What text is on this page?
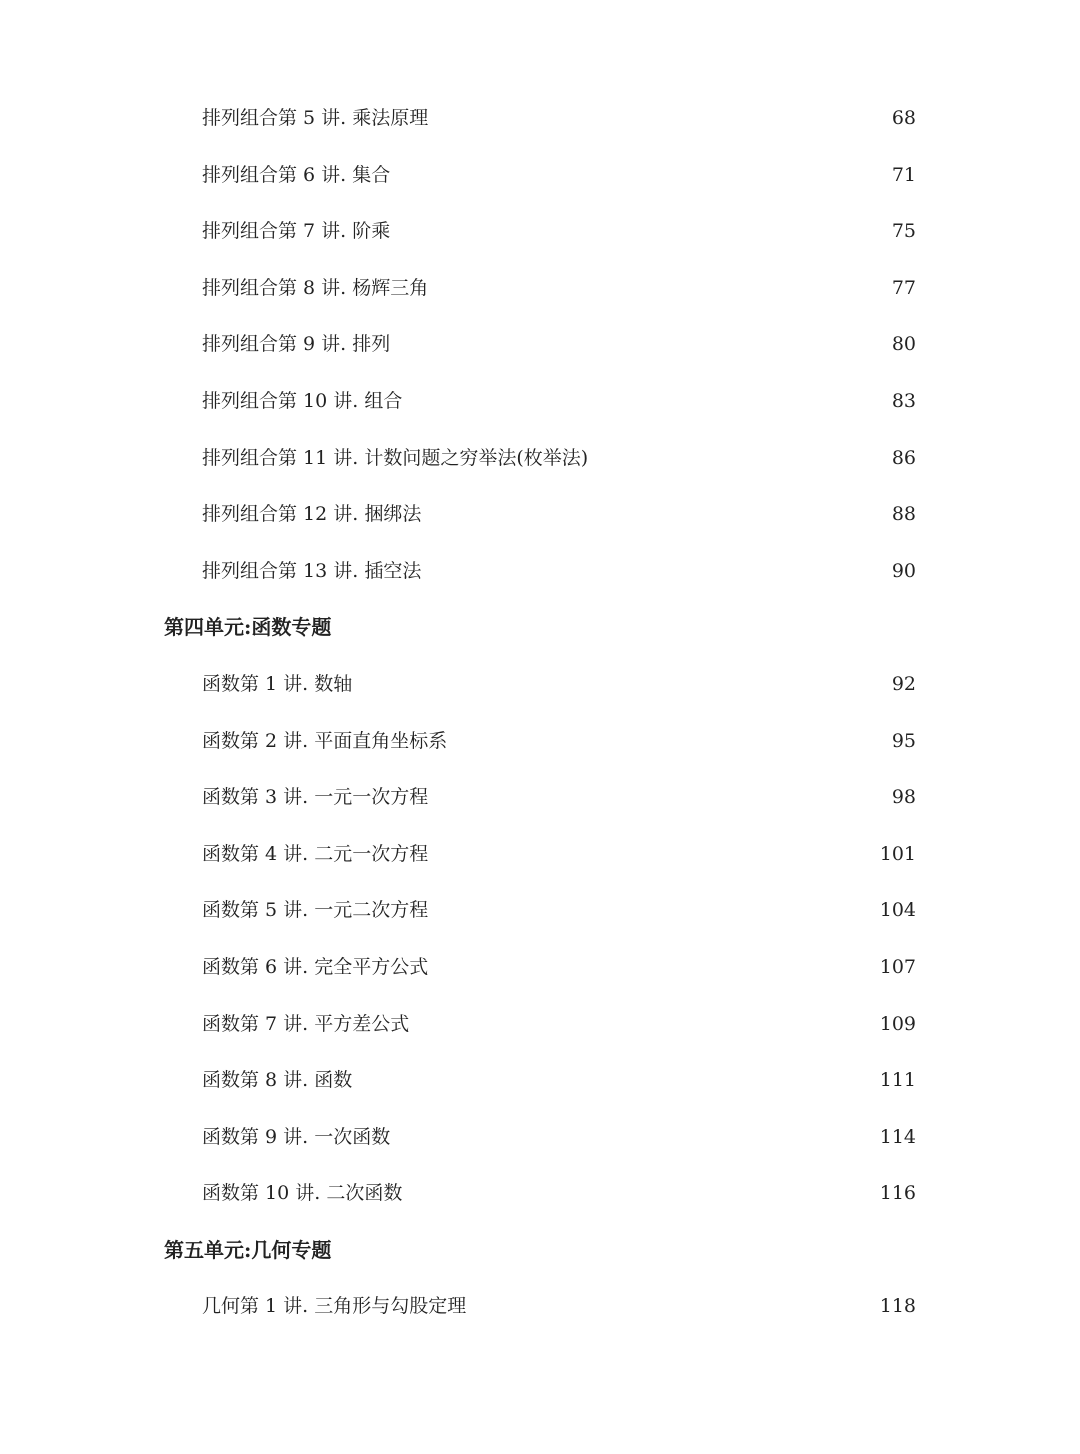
排列组合第 5 讲. 乘法原理	68
排列组合第 6 讲. 集合	71
排列组合第 7 讲. 阶乘	75
排列组合第 8 讲. 杨辉三角	77
排列组合第 9 讲. 排列	80
排列组合第 10 讲. 组合	83
排列组合第 11 讲. 计数问题之穷举法(枚举法)	86
排列组合第 12 讲. 捆绑法	88
排列组合第 13 讲. 插空法	90
第四单元:函数专题
函数第 1 讲. 数轴	92
函数第 2 讲. 平面直角坐标系	95
函数第 3 讲. 一元一次方程	98
函数第 4 讲. 二元一次方程	101
函数第 5 讲. 一元二次方程	104
函数第 6 讲. 完全平方公式	107
函数第 7 讲. 平方差公式	109
函数第 8 讲. 函数	111
函数第 9 讲. 一次函数	114
函数第 10 讲. 二次函数	116
第五单元:几何专题
几何第 1 讲. 三角形与勾股定理	118
